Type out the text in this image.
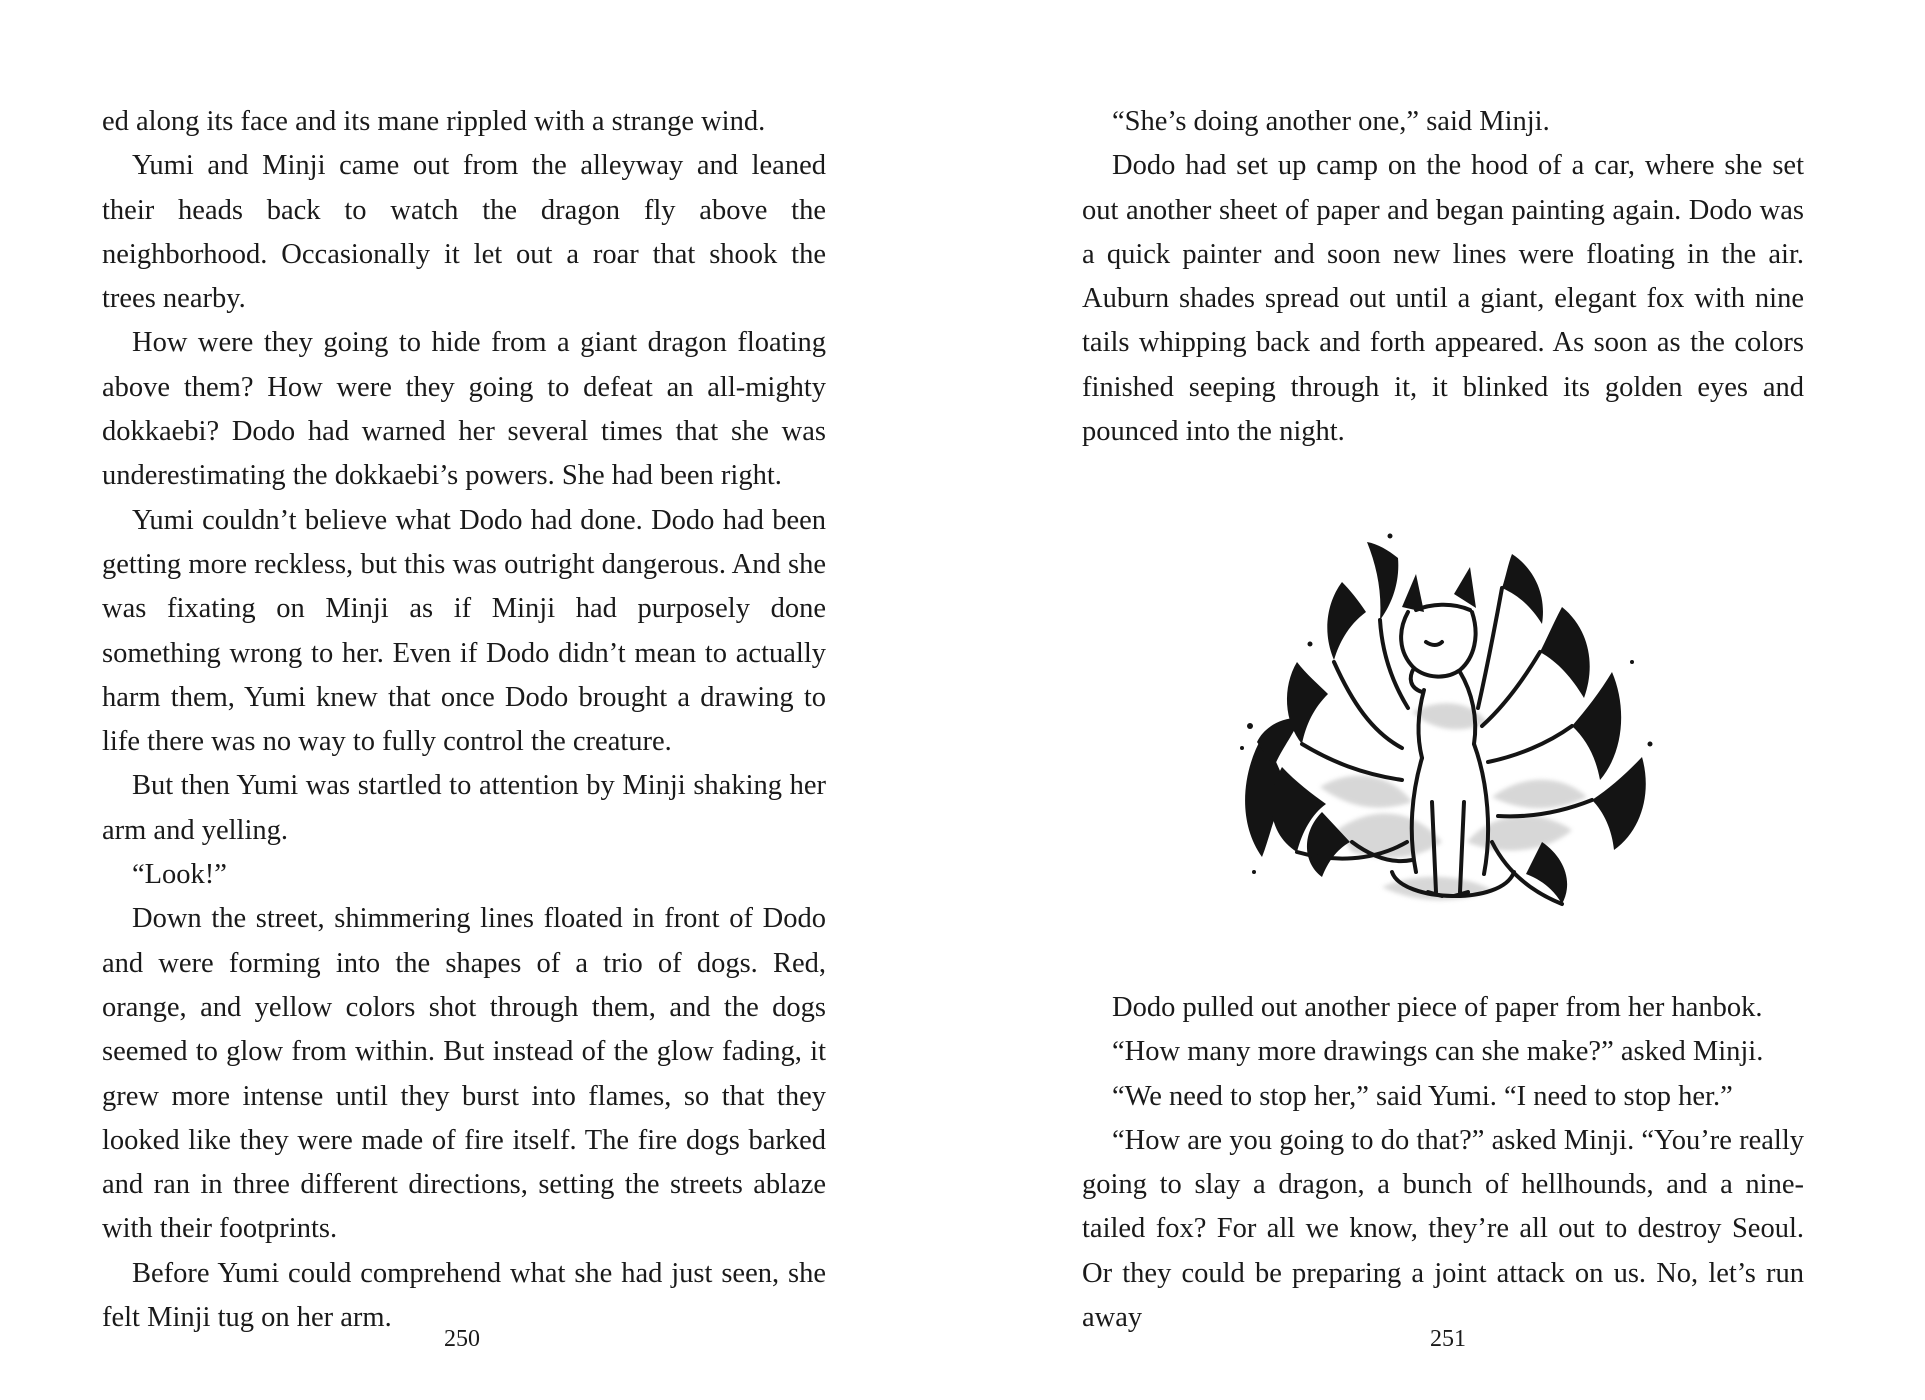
ed along its face and its mane rippled with a strange wind.

Yumi and Minji came out from the alleyway and leaned their heads back to watch the dragon fly above the neighborhood. Occasionally it let out a roar that shook the trees nearby.

How were they going to hide from a giant dragon floating above them? How were they going to defeat an all-mighty dokkaebi? Dodo had warned her several times that she was underestimating the dokkaebi’s powers. She had been right.

Yumi couldn’t believe what Dodo had done. Dodo had been getting more reckless, but this was outright dangerous. And she was fixating on Minji as if Minji had purposely done something wrong to her. Even if Dodo didn’t mean to actually harm them, Yumi knew that once Dodo brought a drawing to life there was no way to fully control the creature.

But then Yumi was startled to attention by Minji shaking her arm and yelling.

“Look!”

Down the street, shimmering lines floated in front of Dodo and were forming into the shapes of a trio of dogs. Red, orange, and yellow colors shot through them, and the dogs seemed to glow from within. But instead of the glow fading, it grew more intense until they burst into flames, so that they looked like they were made of fire itself. The fire dogs barked and ran in three different directions, setting the streets ablaze with their footprints.

Before Yumi could comprehend what she had just seen, she felt Minji tug on her arm.

250

“She’s doing another one,” said Minji.

Dodo had set up camp on the hood of a car, where she set out another sheet of paper and began painting again. Dodo was a quick painter and soon new lines were floating in the air. Auburn shades spread out until a giant, elegant fox with nine tails whipping back and forth appeared. As soon as the colors finished seeping through it, it blinked its golden eyes and pounced into the night.

Dodo pulled out another piece of paper from her hanbok.

“How many more drawings can she make?” asked Minji.

“We need to stop her,” said Yumi. “I need to stop her.”

“How are you going to do that?” asked Minji. “You’re really going to slay a dragon, a bunch of hellhounds, and a nine-tailed fox? For all we know, they’re all out to destroy Seoul. Or they could be preparing a joint attack on us. No, let’s run away

251
